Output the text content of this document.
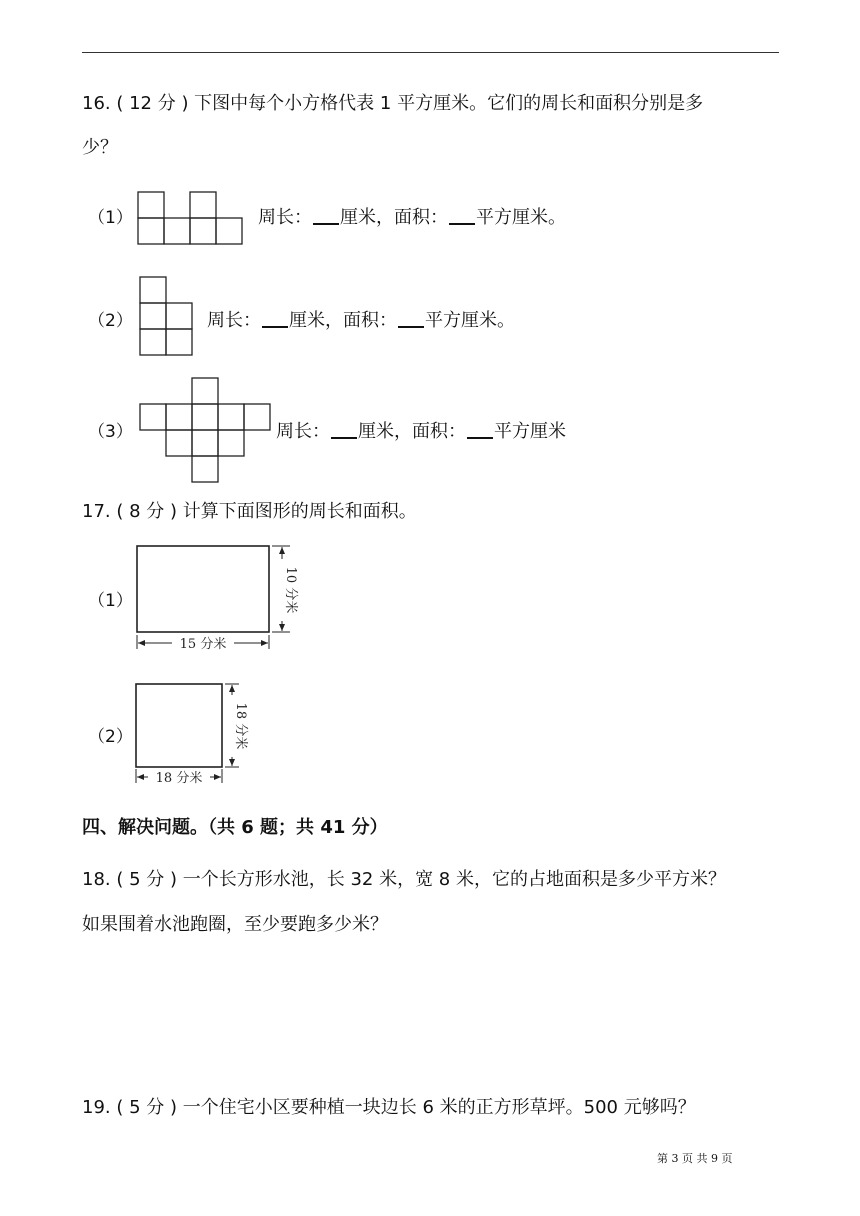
16. ( 12 分 ) 下图中每个小方格代表 1 平方厘米。它们的周长和面积分别是多
少？
（1）	周长： 厘米，面积： 平方厘米。
（2）	周长： 厘米，面积： 平方厘米。
（3）	周长： 厘米，面积： 平方厘米
17. ( 8 分 ) 计算下面图形的周长和面积。
（1）
15 分米
10 分米
（2）
18 分米
18 分米
四、解决问题。（共 6 题；共 41 分）
18. ( 5 分 ) 一个长方形水池，长 32 米，宽 8 米，它的占地面积是多少平方米？
如果围着水池跑圈，至少要跑多少米？
19. ( 5 分 ) 一个住宅小区要种植一块边长 6 米的正方形草坪。500 元够吗？
第 3 页 共 9 页
